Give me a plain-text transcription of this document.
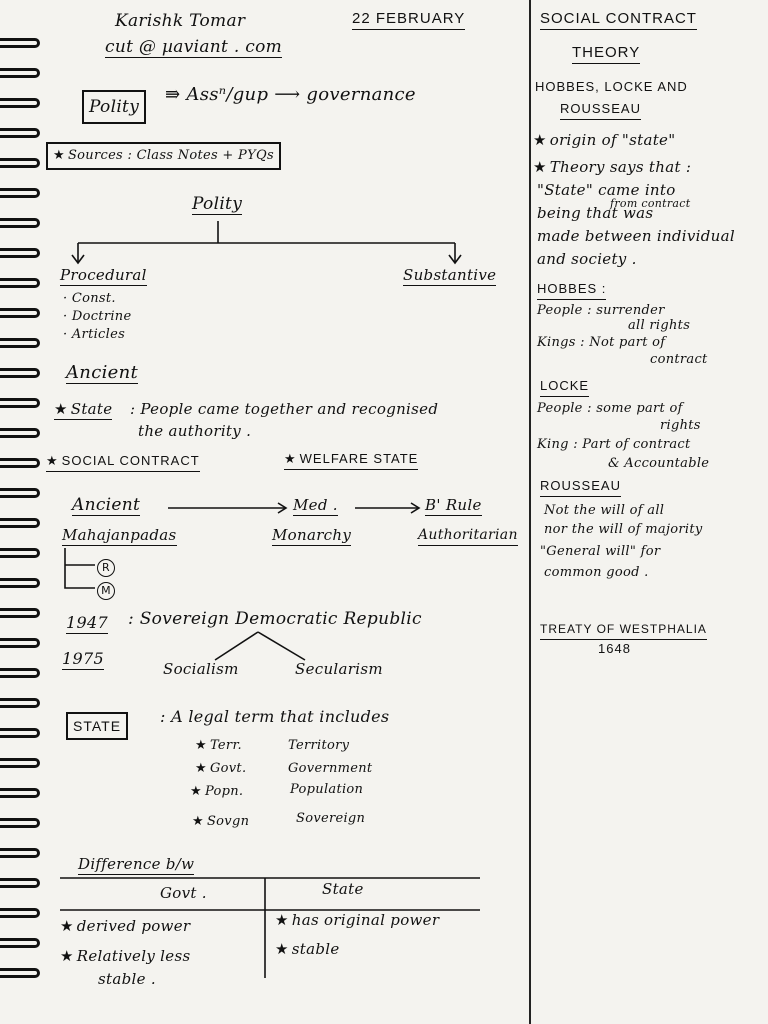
Karishk Tomar	22 FEBRUARY
cut @ µaviant . com
Polity
⇛ Assⁿ/gup ⟶ governance
★ Sources : Class Notes + PYQs
Polity
Procedural	Substantive
· Const.
· Doctrine
· Articles
Ancient
★ State : People came together and recognised
the authority .
★ SOCIAL CONTRACT
★	WELFARE STATE
Ancient	Med .	B' Rule
Mahajanpadas	Monarchy	Authoritarian
R
M
1947 : Sovereign Democratic Republic
1975
Socialism	Secularism
STATE	: A legal term that includes
★ Terr.	Territory
★ Govt.	Government
★ Popn.	Population
★ Sovgn	Sovereign
Difference b/w
Govt .	State
★ derived power
★ Relatively less
stable .
★ has original power
★ stable
SOCIAL CONTRACT
THEORY
HOBBES, LOCKE AND
ROUSSEAU
★ origin of "state"
★ Theory says that :
"State" came into
from contract
being that was
made between individual
and society .
HOBBES :
People : surrender
all rights
Kings : Not part of
contract
LOCKE
People : some part of
rights
King : Part of contract
& Accountable
ROUSSEAU
Not the will of all
nor the will of majority
"General will" for
common good .
TREATY OF WESTPHALIA
1648
